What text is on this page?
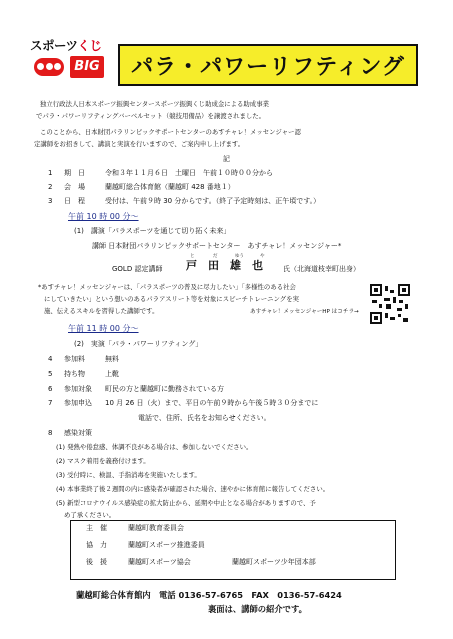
スポーツくじ
BIG	パラ・パワーリフティング
独立行政法人日本スポーツ振興センタースポーツ振興くじ助成金による助成事業
でパラ・パワーリフティングバーベルセット（競技用備品）を譲渡されました。
このことから、日本財団パラリンピックサポートセンターのあすチャレ！メッセンジャー認
定講師をお招きして、講演と実演を行いますので、ご案内申し上げます。
記
1 期　日	令和３年１１月６日　土曜日　午前１０時００分から
2 会　場	蘭越町総合体育館（蘭越町 428 番地１）
3 日　程	受付は、午前９時 30 分からです。（終了予定時刻は、正午頃です。）
午前 10 時 00 分～
(1)　講演「パラスポーツを通じて切り拓く未来」
講師 日本財団パラリンピックサポートセンター　あすチャレ！メッセンジャー*
と	だ	ゆう	や
GOLD 認定講師 戸　田　雄　也	氏（北海道枝幸町出身）
*あすチャレ！メッセンジャーは、「パラスポーツの普及に尽力したい」「多様性のある社会
にしていきたい」という想いのあるパラアスリート等を対象にスピーチトレーニングを実
施、伝えるスキルを習得した講師です。	あすチャレ！メッセンジャーHP はコチラ→
午前 11 時 00 分～
(2)　実演「パラ・パワーリフティング」
4 参加料	無料
5 持ち物	上靴
6 参加対象 町民の方と蘭越町に勤務されている方
7 参加申込 10 月 26 日（火）まで、平日の午前９時から午後５時３０分までに
電話で、住所、氏名をお知らせください。
8 感染対策
(1) 発熱や倦怠感、体調不良がある場合は、参加しないでください。
(2) マスク着用を義務付けます。
(3) 受付時に、検温、手指消毒を実施いたします。
(4) 本事業終了後２週間の内に感染者が確認された場合、速やかに体育館に報告してください。
(5) 新型コロナウイルス感染症の拡大防止から、延期や中止となる場合がありますので、予
め了承ください。
主　催	蘭越町教育委員会
協　力	蘭越町スポーツ推進委員
後　援	蘭越町スポーツ協会	蘭越町スポーツ少年団本部
蘭越町総合体育館内　電話 0136-57-6765　FAX　0136-57-6424
裏面は、講師の紹介です。
